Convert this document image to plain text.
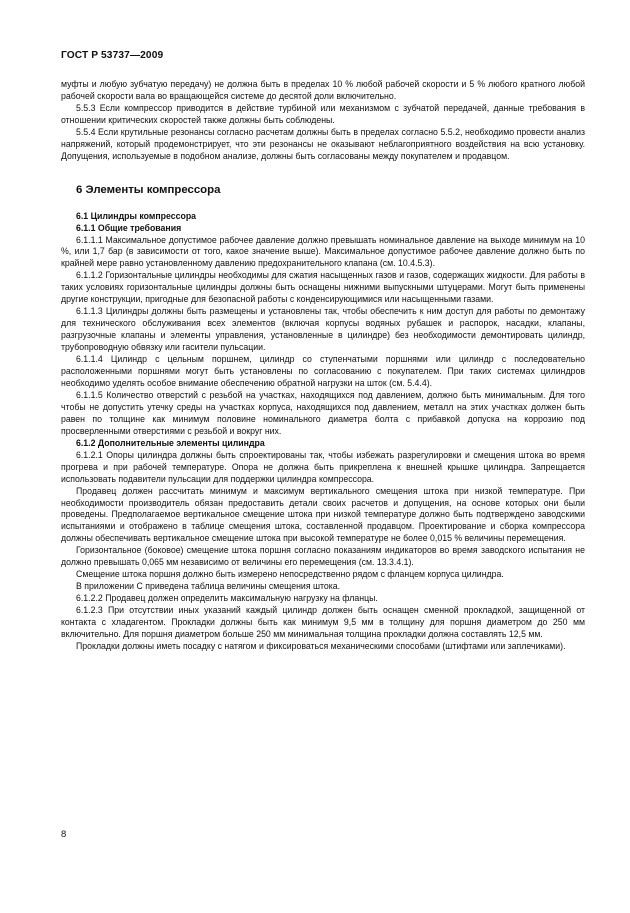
ГОСТ Р 53737—2009

муфты и любую зубчатую передачу) не должна быть в пределах 10 % любой рабочей скорости и 5 % любого кратного любой рабочей скорости вала во вращающейся системе до десятой доли включительно.

5.5.3 Если компрессор приводится в действие турбиной или механизмом с зубчатой передачей, данные требования в отношении критических скоростей также должны быть соблюдены.

5.5.4 Если крутильные резонансы согласно расчетам должны быть в пределах согласно 5.5.2, необходимо провести анализ напряжений, который продемонстрирует, что эти резонансы не оказывают неблагоприятного воздействия на всю установку. Допущения, используемые в подобном анализе, должны быть согласованы между покупателем и продавцом.

6 Элементы компрессора

6.1 Цилиндры компрессора

6.1.1 Общие требования

6.1.1.1 Максимальное допустимое рабочее давление должно превышать номинальное давление на выходе минимум на 10 %, или 1,7 бар (в зависимости от того, какое значение выше). Максимальное допустимое рабочее давление должно быть по крайней мере равно установленному давлению предохранительного клапана (см. 10.4.5.3).

6.1.1.2 Горизонтальные цилиндры необходимы для сжатия насыщенных газов и газов, содержащих жидкости. Для работы в таких условиях горизонтальные цилиндры должны быть оснащены нижними выпускными штуцерами. Могут быть применены другие конструкции, пригодные для безопасной работы с конденсирующимися или насыщенными газами.

6.1.1.3 Цилиндры должны быть размещены и установлены так, чтобы обеспечить к ним доступ для работы по демонтажу для технического обслуживания всех элементов (включая корпусы водяных рубашек и распорок, насадки, клапаны, разгрузочные клапаны и элементы управления, установленные в цилиндре) без необходимости демонтировать цилиндр, трубопроводную обвязку или гасители пульсации.

6.1.1.4 Цилиндр с цельным поршнем, цилиндр со ступенчатыми поршнями или цилиндр с последовательно расположенными поршнями могут быть установлены по согласованию с покупателем. При таких системах цилиндров необходимо уделять особое внимание обеспечению обратной нагрузки на шток (см. 5.4.4).

6.1.1.5 Количество отверстий с резьбой на участках, находящихся под давлением, должно быть минимальным. Для того чтобы не допустить утечку среды на участках корпуса, находящихся под давлением, металл на этих участках должен быть равен по толщине как минимум половине номинального диаметра болта с прибавкой допуска на коррозию под просверленными отверстиями с резьбой и вокруг них.

6.1.2 Дополнительные элементы цилиндра

6.1.2.1 Опоры цилиндра должны быть спроектированы так, чтобы избежать разрегулировки и смещения штока во время прогрева и при рабочей температуре. Опора не должна быть прикреплена к внешней крышке цилиндра. Запрещается использовать подавители пульсации для поддержки цилиндра компрессора.

Продавец должен рассчитать минимум и максимум вертикального смещения штока при низкой температуре. При необходимости производитель обязан предоставить детали своих расчетов и допущения, на основе которых они были проведены. Предполагаемое вертикальное смещение штока при низкой температуре должно быть подтверждено заводскими испытаниями и отображено в таблице смещения штока, составленной продавцом. Проектирование и сборка компрессора должны обеспечивать вертикальное смещение штока при высокой температуре не более 0,015 % величины перемещения.

Горизонтальное (боковое) смещение штока поршня согласно показаниям индикаторов во время заводского испытания не должно превышать 0,065 мм независимо от величины его перемещения (см. 13.3.4.1).

Смещение штока поршня должно быть измерено непосредственно рядом с фланцем корпуса цилиндра.

В приложении С приведена таблица величины смещения штока.

6.1.2.2 Продавец должен определить максимальную нагрузку на фланцы.

6.1.2.3 При отсутствии иных указаний каждый цилиндр должен быть оснащен сменной прокладкой, защищенной от контакта с хладагентом. Прокладки должны быть как минимум 9,5 мм в толщину для поршня диаметром до 250 мм включительно. Для поршня диаметром больше 250 мм минимальная толщина прокладки должна составлять 12,5 мм.

Прокладки должны иметь посадку с натягом и фиксироваться механическими способами (штифтами или заплечиками).

8
